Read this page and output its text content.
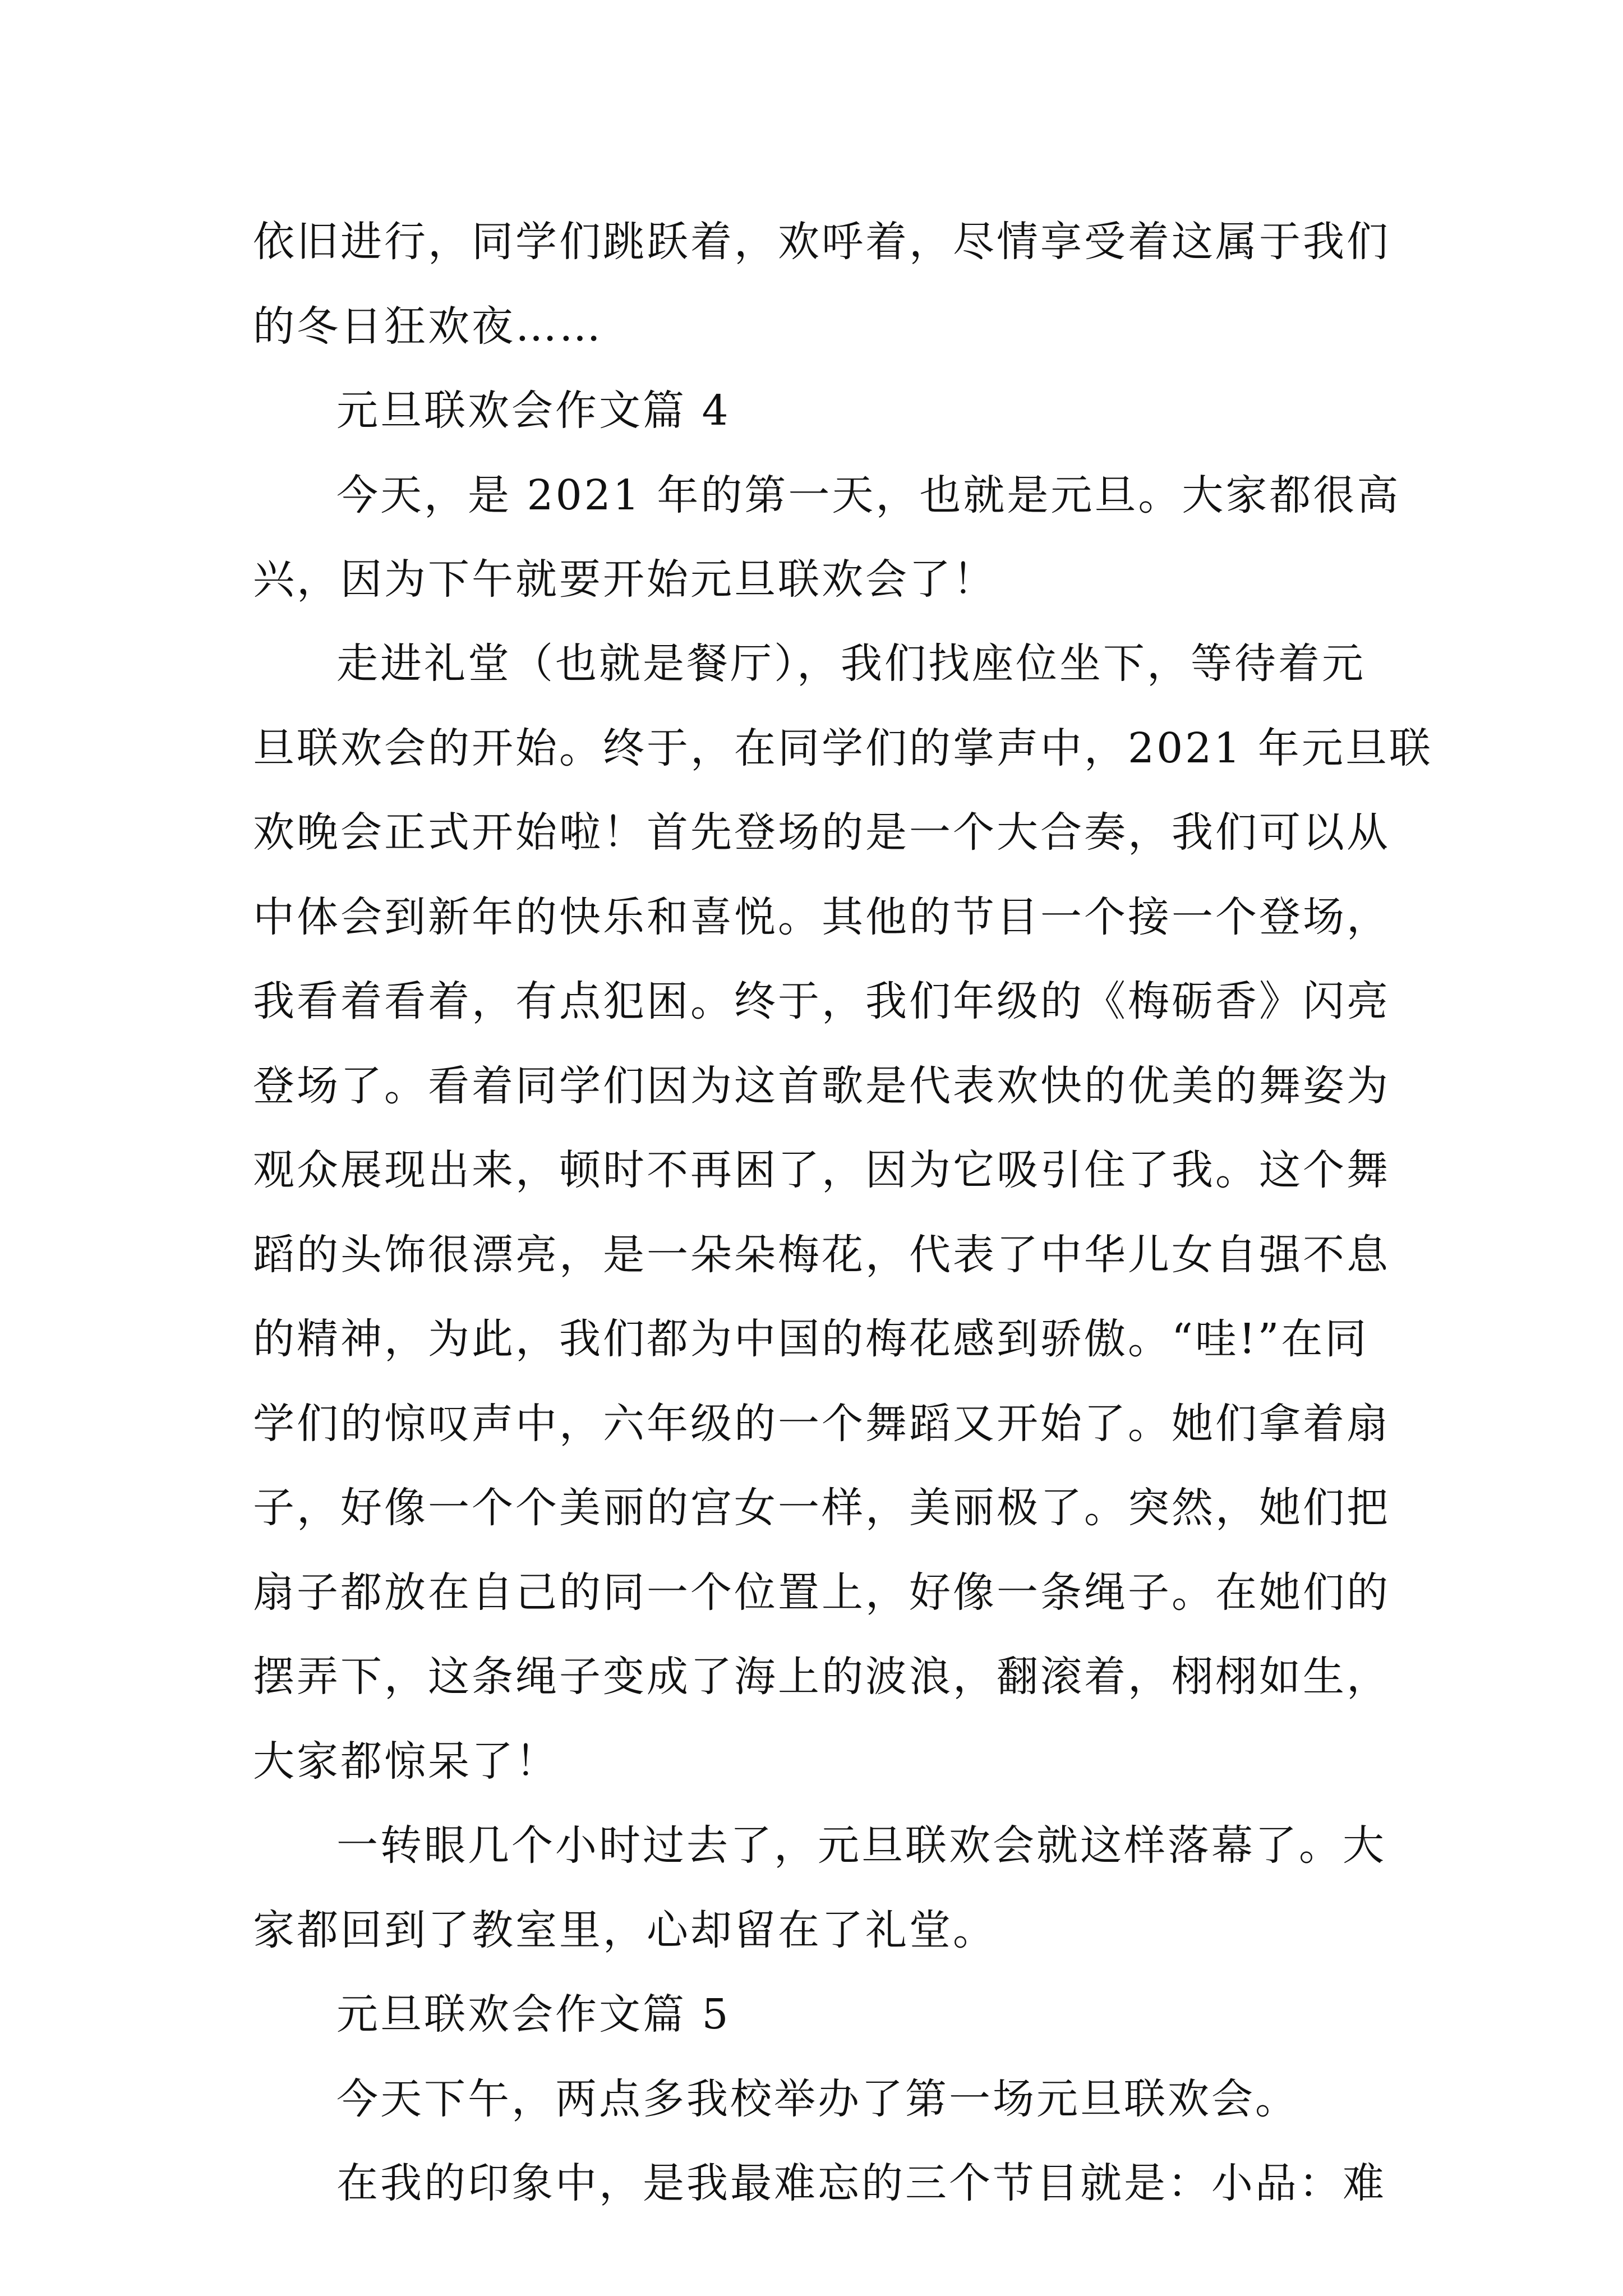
依旧进行，同学们跳跃着，欢呼着，尽情享受着这属于我们
的冬日狂欢夜……
元旦联欢会作文篇 4
今天，是 2021 年的第一天，也就是元旦。大家都很高
兴，因为下午就要开始元旦联欢会了！
走进礼堂（也就是餐厅），我们找座位坐下，等待着元
旦联欢会的开始。终于，在同学们的掌声中，2021 年元旦联
欢晚会正式开始啦！首先登场的是一个大合奏，我们可以从
中体会到新年的快乐和喜悦。其他的节目一个接一个登场，
我看着看着，有点犯困。终于，我们年级的《梅砺香》闪亮
登场了。看着同学们因为这首歌是代表欢快的优美的舞姿为
观众展现出来，顿时不再困了，因为它吸引住了我。这个舞
蹈的头饰很漂亮，是一朵朵梅花，代表了中华儿女自强不息
的精神，为此，我们都为中国的梅花感到骄傲。“哇!”在同
学们的惊叹声中，六年级的一个舞蹈又开始了。她们拿着扇
子，好像一个个美丽的宫女一样，美丽极了。突然，她们把
扇子都放在自己的同一个位置上，好像一条绳子。在她们的
摆弄下，这条绳子变成了海上的波浪，翻滚着，栩栩如生，
大家都惊呆了！
一转眼几个小时过去了，元旦联欢会就这样落幕了。大
家都回到了教室里，心却留在了礼堂。
元旦联欢会作文篇 5
今天下午，两点多我校举办了第一场元旦联欢会。
在我的印象中，是我最难忘的三个节目就是：小品：难
